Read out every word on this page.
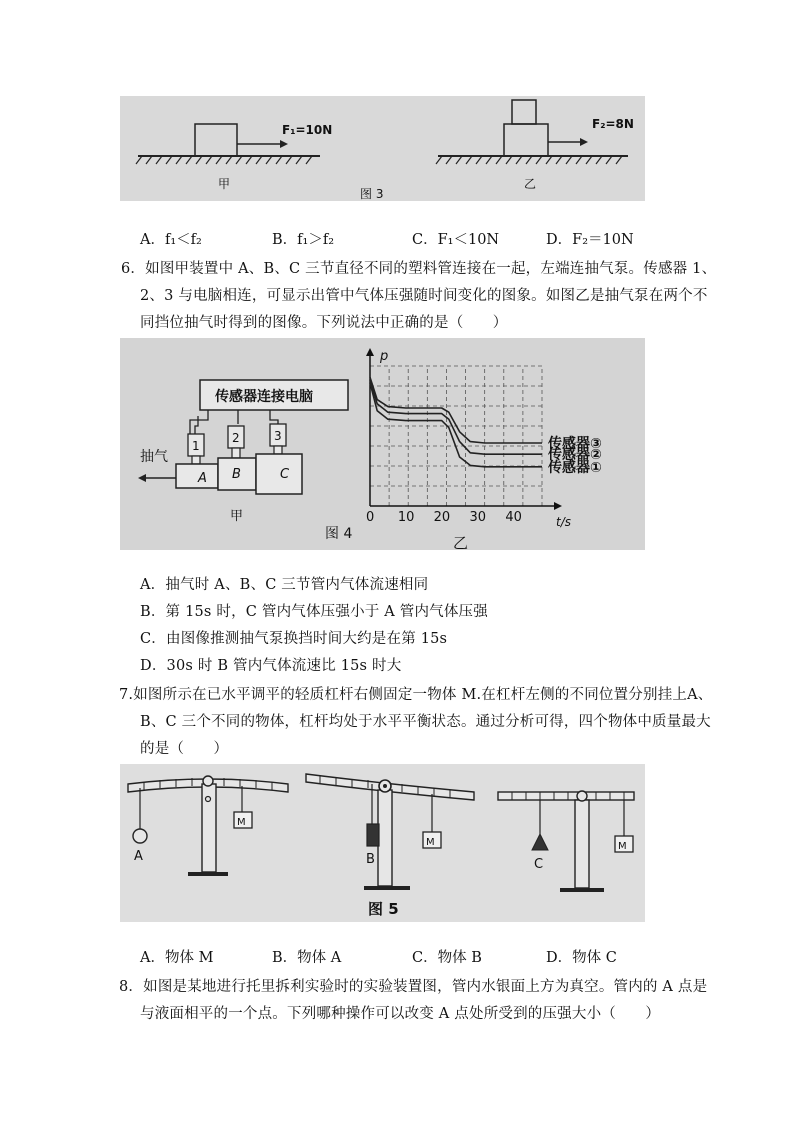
F₁=10N	F₂=8N
甲
图 3
乙
A．f₁＜f₂	B．f₁＞f₂	C．F₁＜10N	D．F₂＝10N
6．如图甲装置中 A、B、C 三节直径不同的塑料管连接在一起，左端连抽气泵。传感器 1、
2、3 与电脑相连，可显示出管中气体压强随时间变化的图象。如图乙是抽气泵在两个不
同挡位抽气时得到的图像。下列说法中正确的是（　　）
传感器连接电脑
1
2	3
A B	C
抽气
甲
图 4
0 10 20 30 40	t/s
p
传感器③
传感器②
传感器①
乙
A．抽气时 A、B、C 三节管内气体流速相同
B．第 15s 时，C 管内气体压强小于 A 管内气体压强
C．由图像推测抽气泵换挡时间大约是在第 15s
D．30s 时 B 管内气体流速比 15s 时大
7.如图所示在已水平调平的轻质杠杆右侧固定一物体 M.在杠杆左侧的不同位置分别挂上A、
B、C 三个不同的物体，杠杆均处于水平平衡状态。通过分析可得，四个物体中质量最大
的是（　　）
A
M
B
M
C
M
图 5
A．物体 M	B．物体 A	C．物体 B	D．物体 C
8．如图是某地进行托里拆利实验时的实验装置图，管内水银面上方为真空。管内的 A 点是
与液面相平的一个点。下列哪种操作可以改变 A 点处所受到的压强大小（　　）
